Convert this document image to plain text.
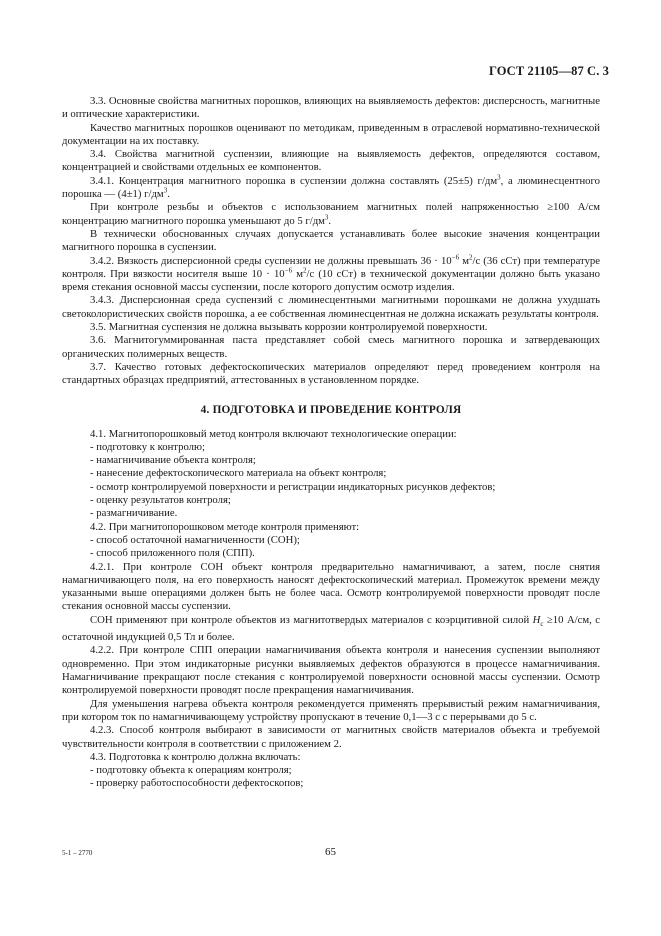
ГОСТ 21105—87 С. 3

3.3. Основные свойства магнитных порошков, влияющих на выявляемость дефектов: дисперсность, магнитные и оптические характеристики.

Качество магнитных порошков оценивают по методикам, приведенным в отраслевой нормативно-технической документации на их поставку.

3.4. Свойства магнитной суспензии, влияющие на выявляемость дефектов, определяются составом, концентрацией и свойствами отдельных ее компонентов.

3.4.1. Концентрация магнитного порошка в суспензии должна составлять (25±5) $г/дм^3$, а люминесцентного порошка — (4±1) $г/дм^3$.

При контроле резьбы и объектов с использованием магнитных полей напряженностью ≥100 А/см концентрацию магнитного порошка уменьшают до 5 $г/дм^3$.

В технически обоснованных случаях допускается устанавливать более высокие значения концентрации магнитного порошка в суспензии.

3.4.2. Вязкость дисперсионной среды суспензии не должны превышать $36 \cdot 10^{-6}$ $м^2/с$ (36 сСт) при температуре контроля. При вязкости носителя выше $10 \cdot 10^{-6}$ $м^2/с$ (10 сСт) в технической документации должно быть указано время стекания основной массы суспензии, после которого допустим осмотр изделия.

3.4.3. Дисперсионная среда суспензий с люминесцентными магнитными порошками не должна ухудшать светоколористических свойств порошка, а ее собственная люминесцентная не должна искажать результаты контроля.

3.5. Магнитная суспензия не должна вызывать коррозии контролируемой поверхности.

3.6. Магнитогуммированная паста представляет собой смесь магнитного порошка и затвердевающих органических полимерных веществ.

3.7. Качество готовых дефектоскопических материалов определяют перед проведением контроля на стандартных образцах предприятий, аттестованных в установленном порядке.

4. ПОДГОТОВКА И ПРОВЕДЕНИЕ КОНТРОЛЯ

4.1. Магнитопорошковый метод контроля включают технологические операции:

- подготовку к контролю;

- намагничивание объекта контроля;

- нанесение дефектоскопического материала на объект контроля;

- осмотр контролируемой поверхности и регистрации индикаторных рисунков дефектов;

- оценку результатов контроля;

- размагничивание.

4.2. При магнитопорошковом методе контроля применяют:

- способ остаточной намагниченности (СОН);

- способ приложенного поля (СПП).

4.2.1. При контроле СОН объект контроля предварительно намагничивают, а затем, после снятия намагничивающего поля, на его поверхность наносят дефектоскопический материал. Промежуток времени между указанными выше операциями должен быть не более часа. Осмотр контролируемой поверхности проводят после стекания основной массы суспензии.

СОН применяют при контроле объектов из магнитотвердых материалов с коэрцитивной силой $H_c \ge 10$ А/см, с остаточной индукцией 0,5 Тл и более.

4.2.2. При контроле СПП операции намагничивания объекта контроля и нанесения суспензии выполняют одновременно. При этом индикаторные рисунки выявляемых дефектов образуются в процессе намагничивания. Намагничивание прекращают после стекания с контролируемой поверхности основной массы суспензии. Осмотр контролируемой поверхности проводят после прекращения намагничивания.

Для уменьшения нагрева объекта контроля рекомендуется применять прерывистый режим намагничивания, при котором ток по намагничивающему устройству пропускают в течение 0,1—3 с с перерывами до 5 с.

4.2.3. Способ контроля выбирают в зависимости от магнитных свойств материалов объекта и требуемой чувствительности контроля в соответствии с приложением 2.

4.3. Подготовка к контролю должна включать:

- подготовку объекта к операциям контроля;

- проверку работоспособности дефектоскопов;

5-1 – 2770	65
